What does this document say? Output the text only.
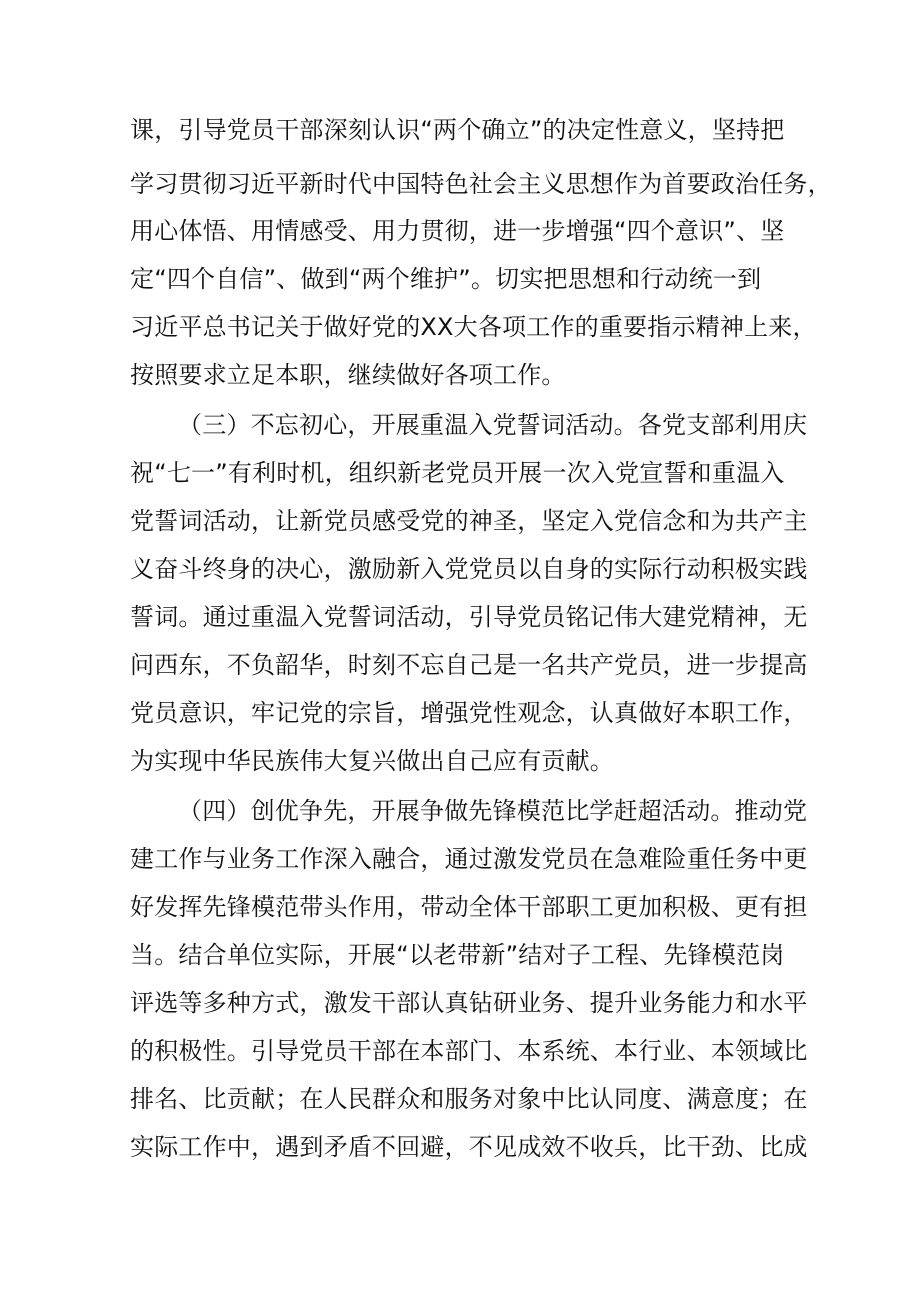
课，引导党员干部深刻认识“两个确立”的决定性意义，坚持把
学习贯彻习近平新时代中国特色社会主义思想作为首要政治任务，
用心体悟、用情感受、用力贯彻，进一步增强“四个意识”、坚
定“四个自信”、做到“两个维护”。切实把思想和行动统一到
习近平总书记关于做好党的XX大各项工作的重要指示精神上来，
按照要求立足本职，继续做好各项工作。
（三）不忘初心，开展重温入党誓词活动。各党支部利用庆
祝“七一”有利时机，组织新老党员开展一次入党宣誓和重温入
党誓词活动，让新党员感受党的神圣，坚定入党信念和为共产主
义奋斗终身的决心，激励新入党党员以自身的实际行动积极实践
誓词。通过重温入党誓词活动，引导党员铭记伟大建党精神，无
问西东，不负韶华，时刻不忘自己是一名共产党员，进一步提高
党员意识，牢记党的宗旨，增强党性观念，认真做好本职工作，
为实现中华民族伟大复兴做出自己应有贡献。
（四）创优争先，开展争做先锋模范比学赶超活动。推动党
建工作与业务工作深入融合，通过激发党员在急难险重任务中更
好发挥先锋模范带头作用，带动全体干部职工更加积极、更有担
当。结合单位实际，开展“以老带新”结对子工程、先锋模范岗
评选等多种方式，激发干部认真钻研业务、提升业务能力和水平
的积极性。引导党员干部在本部门、本系统、本行业、本领域比
排名、比贡献；在人民群众和服务对象中比认同度、满意度；在
实际工作中，遇到矛盾不回避，不见成效不收兵，比干劲、比成
